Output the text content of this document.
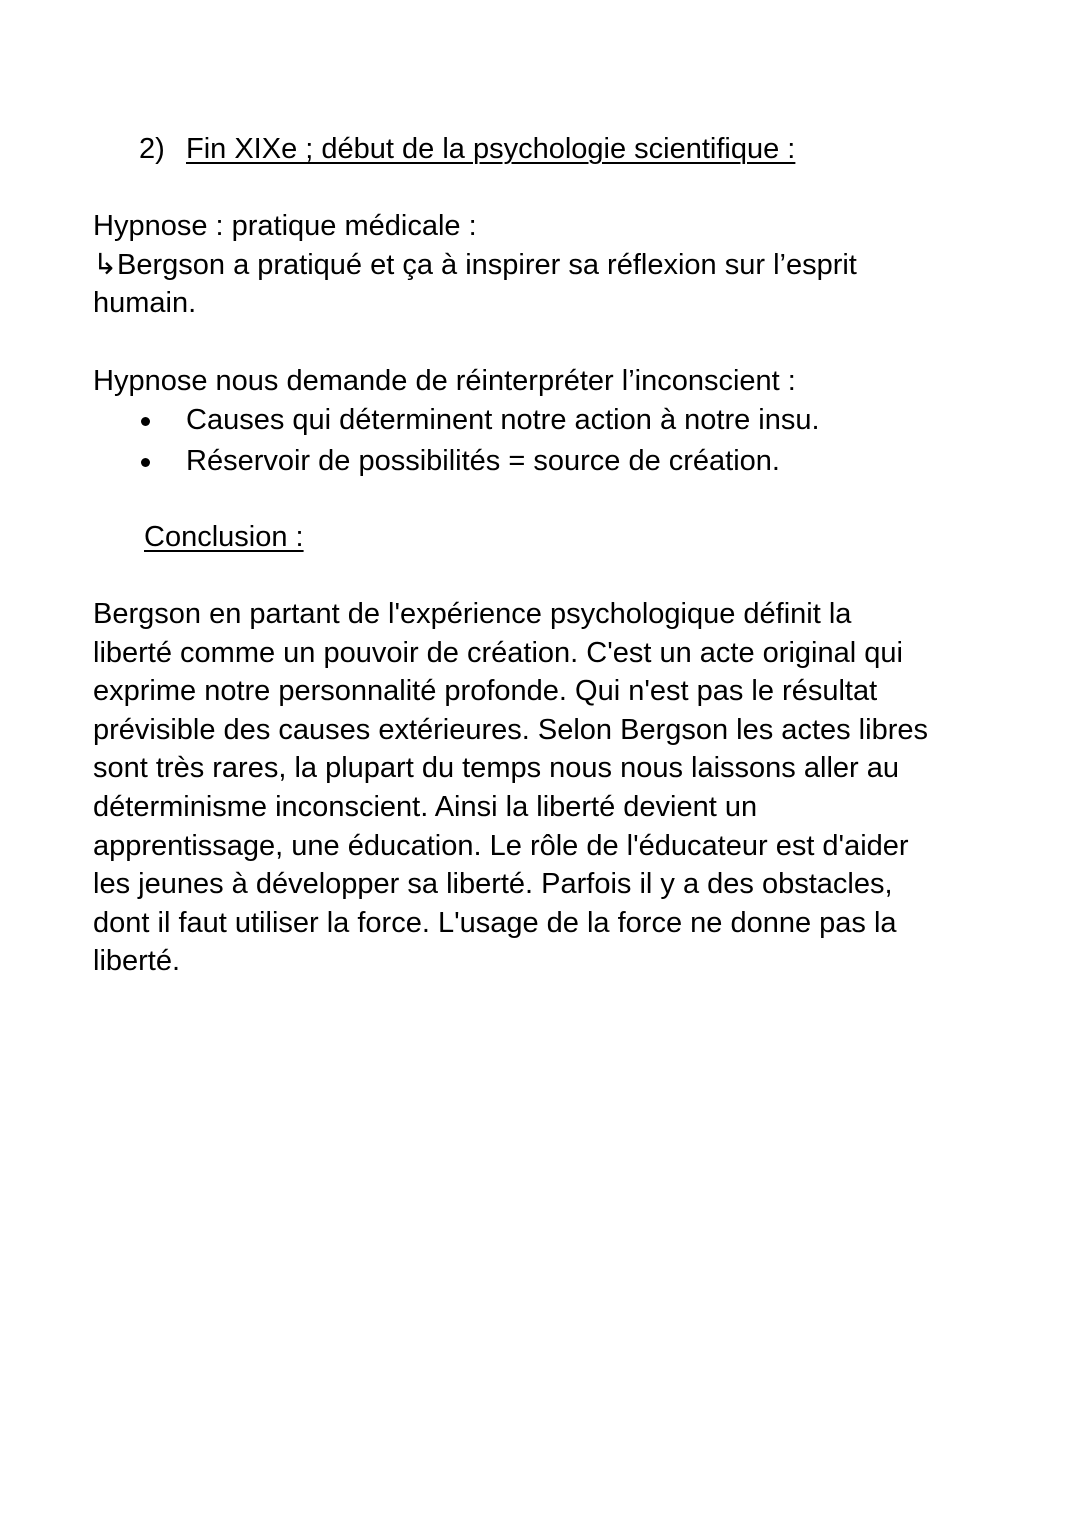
2) Fin XIXe ; début de la psychologie scientifique :

Hypnose : pratique médicale :

↳Bergson a pratiqué et ça à inspirer sa réflexion sur l’esprit

humain.

Hypnose nous demande de réinterpréter l’inconscient :

Causes qui déterminent notre action à notre insu.
Réservoir de possibilités = source de création.
Conclusion :

Bergson en partant de l'expérience psychologique définit la

liberté comme un pouvoir de création. C'est un acte original qui

exprime notre personnalité profonde. Qui n'est pas le résultat

prévisible des causes extérieures. Selon Bergson les actes libres

sont très rares, la plupart du temps nous nous laissons aller au

déterminisme inconscient. Ainsi la liberté devient un

apprentissage, une éducation. Le rôle de l'éducateur est d'aider

les jeunes à développer sa liberté. Parfois il y a des obstacles,

dont il faut utiliser la force. L'usage de la force ne donne pas la

liberté.
